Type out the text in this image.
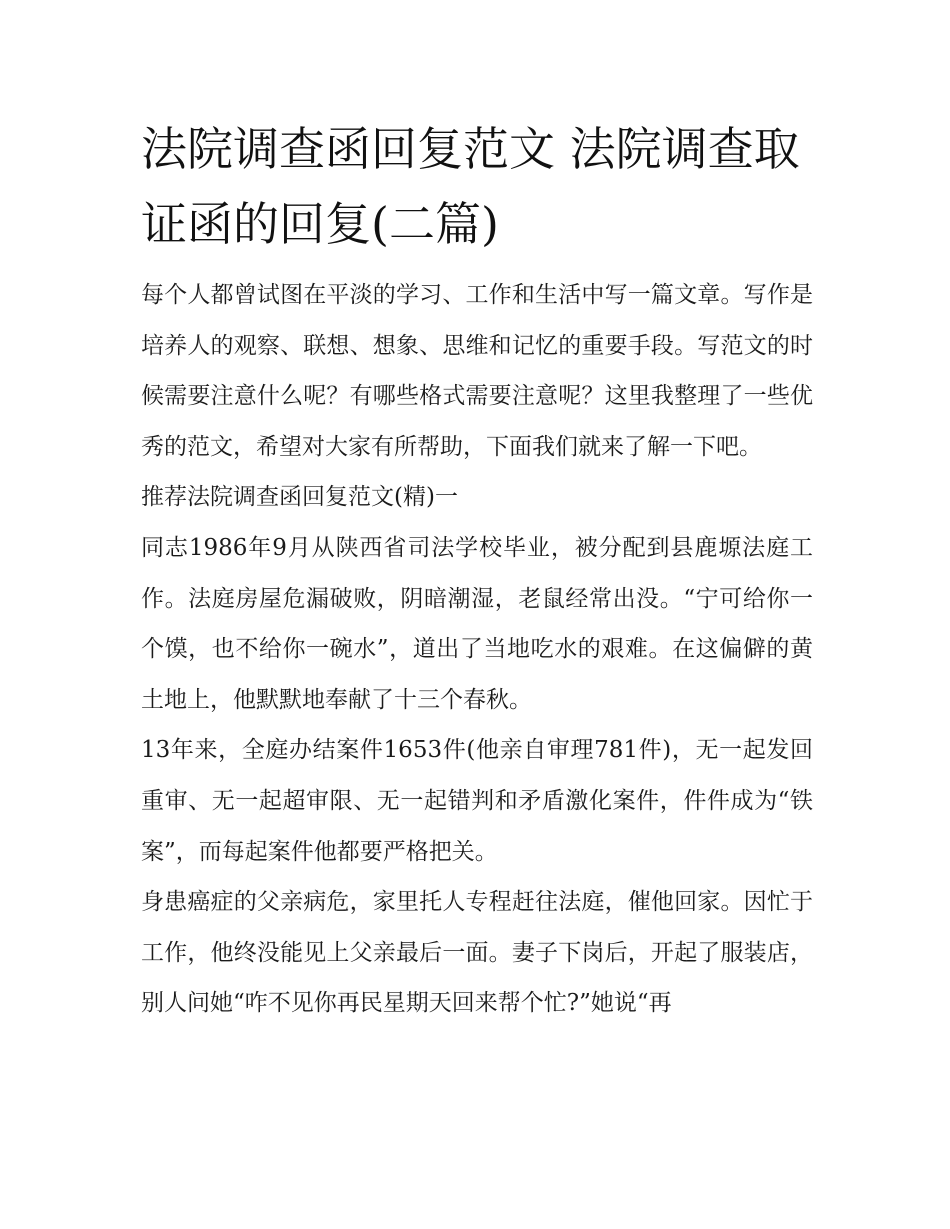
法院调查函回复范文 法院调查取证函的回复(二篇)

每个人都曾试图在平淡的学习、工作和生活中写一篇文章。写作是培养人的观察、联想、想象、思维和记忆的重要手段。写范文的时候需要注意什么呢？有哪些格式需要注意呢？这里我整理了一些优秀的范文，希望对大家有所帮助，下面我们就来了解一下吧。

推荐法院调查函回复范文(精)一

同志1986年9月从陕西省司法学校毕业，被分配到县鹿塬法庭工作。法庭房屋危漏破败，阴暗潮湿，老鼠经常出没。“宁可给你一个馍，也不给你一碗水”，道出了当地吃水的艰难。在这偏僻的黄土地上，他默默地奉献了十三个春秋。

13年来，全庭办结案件1653件(他亲自审理781件)，无一起发回重审、无一起超审限、无一起错判和矛盾激化案件，件件成为“铁案”，而每起案件他都要严格把关。

身患癌症的父亲病危，家里托人专程赶往法庭，催他回家。因忙于工作，他终没能见上父亲最后一面。妻子下岗后，开起了服装店，别人问她“咋不见你再民星期天回来帮个忙?”她说“再
